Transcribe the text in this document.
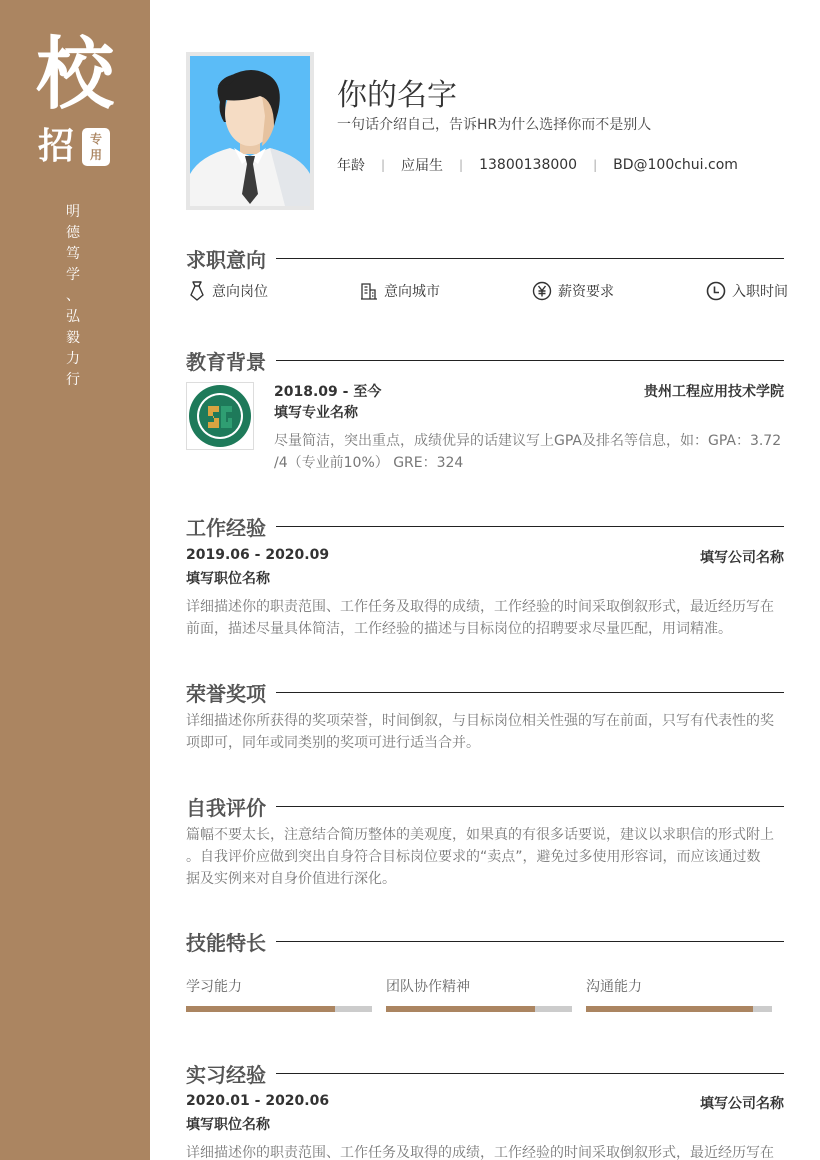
校
招	专
用
明
德
笃
学
、
弘
毅
力
行
你的名字
一句话介绍自己，告诉HR为什么选择你而不是别人
年龄 | 应届生 | 13800138000 | BD@100chui.com
求职意向
意向岗位	意向城市	薪资要求	入职时间
教育背景
2018.09 - 至今	贵州工程应用技术学院
填写专业名称
尽量简洁，突出重点，成绩优异的话建议写上GPA及排名等信息，如：GPA：3.72
/4（专业前10%） GRE：324
工作经验
2019.06 - 2020.09	填写公司名称
填写职位名称
详细描述你的职责范围、工作任务及取得的成绩，工作经验的时间采取倒叙形式，最近经历写在
前面，描述尽量具体简洁，工作经验的描述与目标岗位的招聘要求尽量匹配，用词精准。
荣誉奖项
详细描述你所获得的奖项荣誉，时间倒叙，与目标岗位相关性强的写在前面，只写有代表性的奖
项即可，同年或同类别的奖项可进行适当合并。
自我评价
篇幅不要太长，注意结合简历整体的美观度，如果真的有很多话要说，建议以求职信的形式附上
。自我评价应做到突出自身符合目标岗位要求的“卖点”，避免过多使用形容词，而应该通过数
据及实例来对自身价值进行深化。
技能特长
学习能力	团队协作精神	沟通能力
实习经验
2020.01 - 2020.06	填写公司名称
填写职位名称
详细描述你的职责范围、工作任务及取得的成绩，工作经验的时间采取倒叙形式，最近经历写在
